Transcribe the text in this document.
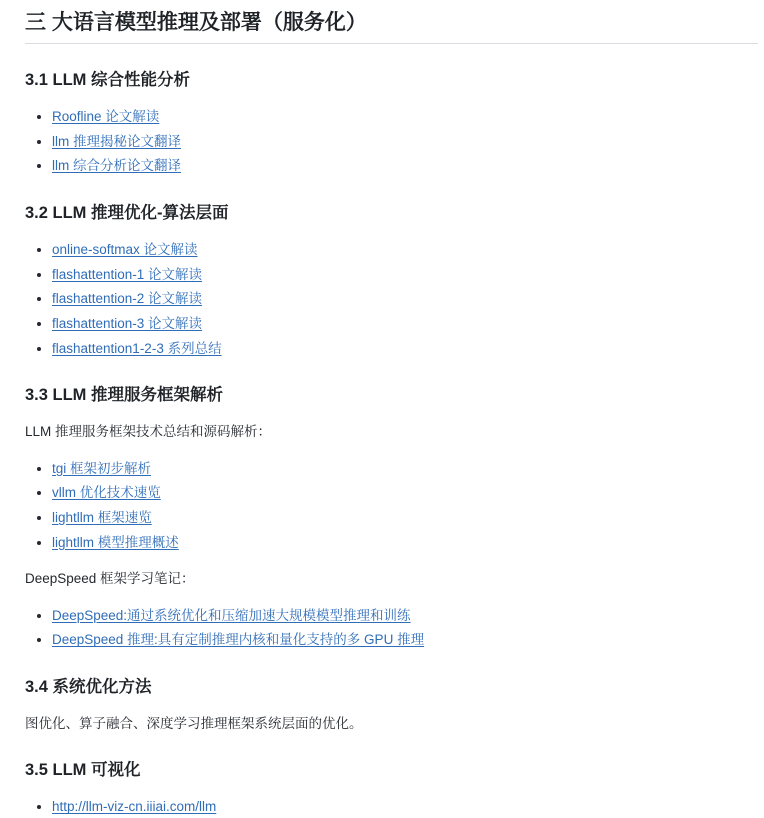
三 大语言模型推理及部署（服务化）
3.1 LLM 综合性能分析
• Roofline 论文解读
• llm 推理揭秘论文翻译
• llm 综合分析论文翻译
3.2 LLM 推理优化-算法层面
• online-softmax 论文解读
• flashattention-1 论文解读
• flashattention-2 论文解读
• flashattention-3 论文解读
• flashattention1-2-3 系列总结
3.3 LLM 推理服务框架解析

LLM 推理服务框架技术总结和源码解析：

• tgi 框架初步解析
• vllm 优化技术速览
• lightllm 框架速览
• lightllm 模型推理概述

DeepSpeed 框架学习笔记：

• DeepSpeed:通过系统优化和压缩加速大规模模型推理和训练
• DeepSpeed 推理:具有定制推理内核和量化支持的多 GPU 推理
3.4 系统优化方法

图优化、算子融合、深度学习推理框架系统层面的优化。

3.5 LLM 可视化
• http://llm-viz-cn.iiiai.com/llm
